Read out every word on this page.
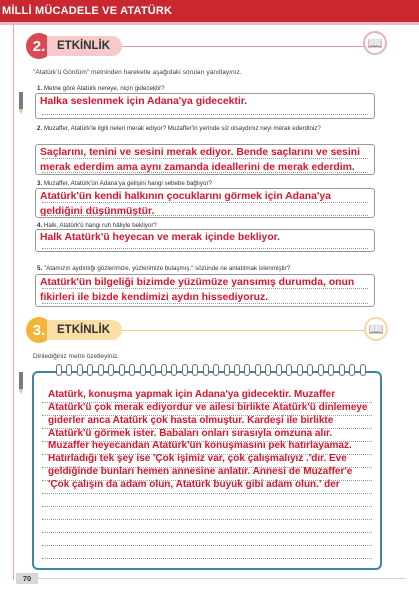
MİLLİ MÜCADELE VE ATATÜRK
2.	ETKİNLİK	📖
"Atatürk'ü Gördüm" metninden hareketle aşağıdaki soruları yanıtlayınız.
1. Metne göre Atatürk nereye, niçin gidecektir?
Halka seslenmek için Adana'ya gidecektir.
2. Muzaffer, Atatürk'le ilgili neleri merak ediyor? Muzaffer'in yerinde siz olsaydınız neyi merak ederdiniz?
Saçlarını, tenini ve sesini merak ediyor. Bende saçlarını ve sesini merak ederdim ama aynı zamanda ideallerini de merak ederdim.
3. Muzaffer, Atatürk'ün Adana'ya gelişini hangi sebebe bağlıyor?
Atatürk'ün kendi halkının çocuklarını görmek için Adana'ya geldiğini düşünmüştür.
4. Halk, Atatürk'ü hangi ruh hâliyle bekliyor?
Halk Atatürk'ü heyecan ve merak içinde bekliyor.
5. "Atamızın aydınlığı gözlerimize, yüzlerimize bulaşmış." sözünde ne anlatılmak istenmiştir?
Atatürk'ün bilgeliği bizimde yüzümüze yansımış durumda, onun fikirleri ile bizde kendimizi aydın hissediyoruz.
3.	ETKİNLİK	📖
Dinlediğiniz metni özetleyiniz.
Atatürk, konuşma yapmak için Adana'ya gidecektir. Muzaffer Atatürk'ü çok merak ediyordur ve ailesi birlikte Atatürk'ü dinlemeye giderler anca Atatürk çok hasta olmuştur. Kardeşi ile birlikte Atatürk'ü görmek ister. Babaları onları sırasıyla omzuna alır. Muzaffer heyecandan Atatürk'ün konuşmasını pek hatırlayamaz. Hatırladığı tek şey ise 'Çok işimiz var, çok çalışmalıyız .'dır. Eve geldiğinde bunları hemen annesine anlatır. Annesi de Muzaffer'e 'Çok çalışın da adam olun, Atatürk buyuk gibi adam olun.' der
70
